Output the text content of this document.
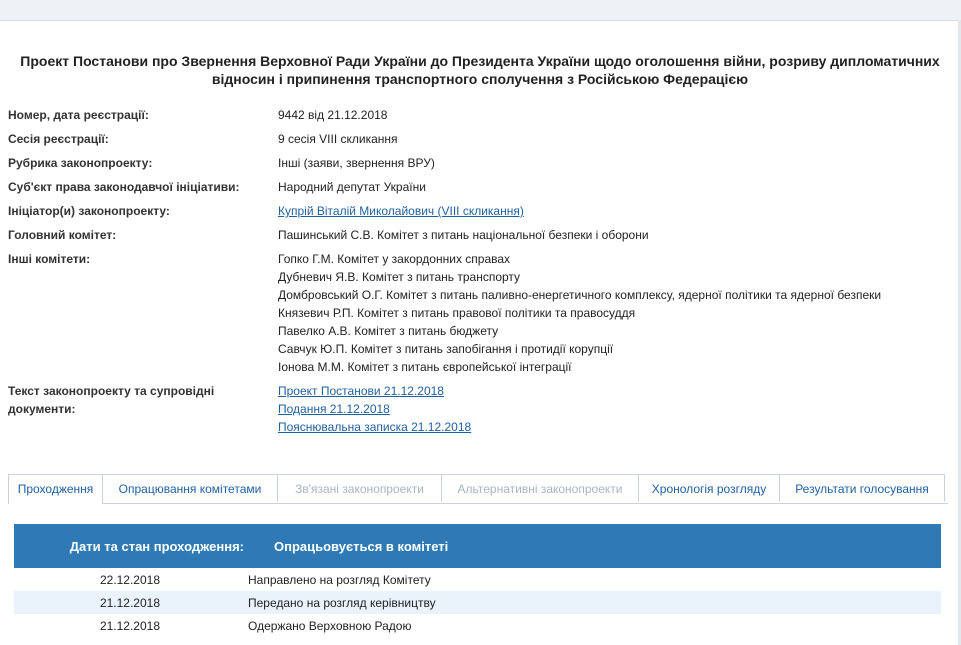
Проект Постанови про Звернення Верховної Ради України до Президента України щодо оголошення війни, розриву дипломатичних
відносин і припинення транспортного сполучення з Російською Федерацією
Номер, дата реєстрації:	9442 від 21.12.2018
Сесія реєстрації:	9 сесія VIII скликання
Рубрика законопроекту:	Інші (заяви, звернення ВРУ)
Суб'єкт права законодавчої ініціативи:	Народний депутат України
Ініціатор(и) законопроекту:	Купрій Віталій Миколайович (VIII скликання)
Головний комітет:	Пашинський С.В. Комітет з питань національної безпеки і оборони
Інші комітети:	Гопко Г.М. Комітет у закордонних справах
Дубневич Я.В. Комітет з питань транспорту
Домбровський О.Г. Комітет з питань паливно-енергетичного комплексу, ядерної політики та ядерної безпеки
Князевич Р.П. Комітет з питань правової політики та правосуддя
Павелко А.В. Комітет з питань бюджету
Савчук Ю.П. Комітет з питань запобігання і протидії корупції
Іонова М.М. Комітет з питань європейської інтеграції
Текст законопроекту та супровідні
документи:
Проект Постанови 21.12.2018
Подання 21.12.2018
Пояснювальна записка 21.12.2018
Проходження	Опрацювання комітетами	Зв'язані законопроекти	Альтернативні законопроекти	Хронологія розгляду	Результати голосування
Дати та стан проходження:	Опрацьовується в комітеті
22.12.2018	Направлено на розгляд Комітету
21.12.2018	Передано на розгляд керівництву
21.12.2018	Одержано Верховною Радою
